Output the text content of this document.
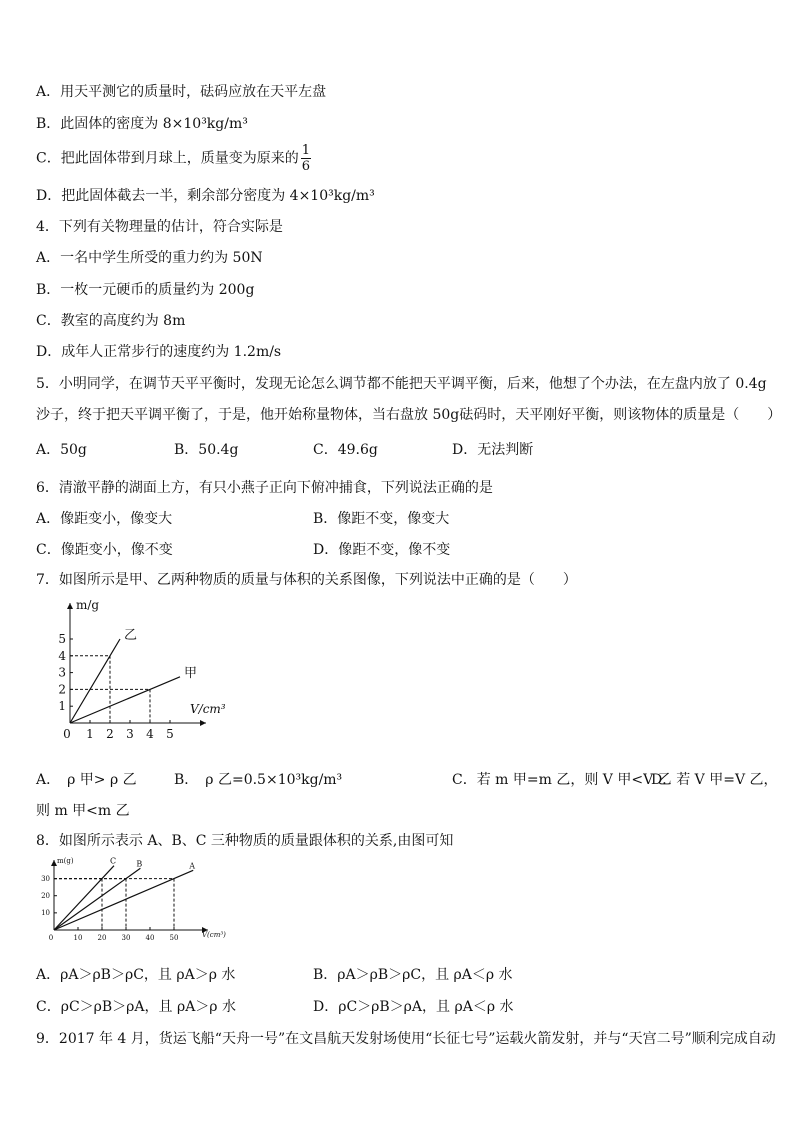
A．用天平测它的质量时，砝码应放在天平左盘
B．此固体的密度为 8×10³kg/m³
C．把此固体带到月球上，质量变为原来的 $\frac{1}{6}$
D．把此固体截去一半，剩余部分密度为 4×10³kg/m³
4．下列有关物理量的估计，符合实际是
A．一名中学生所受的重力约为 50N
B．一枚一元硬币的质量约为 200g
C．教室的高度约为 8m
D．成年人正常步行的速度约为 1.2m/s
5．小明同学，在调节天平平衡时，发现无论怎么调节都不能把天平调平衡，后来，他想了个办法，在左盘内放了 0.4g
沙子，终于把天平调平衡了，于是，他开始称量物体，当右盘放 50g砝码时，天平刚好平衡，则该物体的质量是（　　）
A．50g	B．50.4g	C．49.6g	D．无法判断
6．清澈平静的湖面上方，有只小燕子正向下俯冲捕食，下列说法正确的是
A．像距变小，像变大	B．像距不变，像变大
C．像距变小，像不变	D．像距不变，像不变
7．如图所示是甲、乙两种物质的质量与体积的关系图像，下列说法中正确的是（　　）
0 1 2 3 4 5
1
2
3
4
5	乙
甲
m/g
V/cm³
A．　ρ 甲> ρ 乙	B．　ρ 乙=0.5×10³kg/m³	C．若 m 甲=m 乙，则 V 甲<V 乙
D．若 V 甲=V 乙，
则 m 甲<m 乙
8．如图所示表示 A、B、C 三种物质的质量跟体积的关系,由图可知
0	10 20 30 40 50
10
20
30
C	B	A
m(g)
V(cm³)
A．ρA＞ρB＞ρC，且 ρA＞ρ 水	B．ρA＞ρB＞ρC，且 ρA＜ρ 水
C．ρC＞ρB＞ρA，且 ρA＞ρ 水	D．ρC＞ρB＞ρA，且 ρA＜ρ 水
9．2017 年 4 月，货运飞船“天舟一号”在文昌航天发射场使用“长征七号”运载火箭发射，并与“天宫二号”顺利完成自动
